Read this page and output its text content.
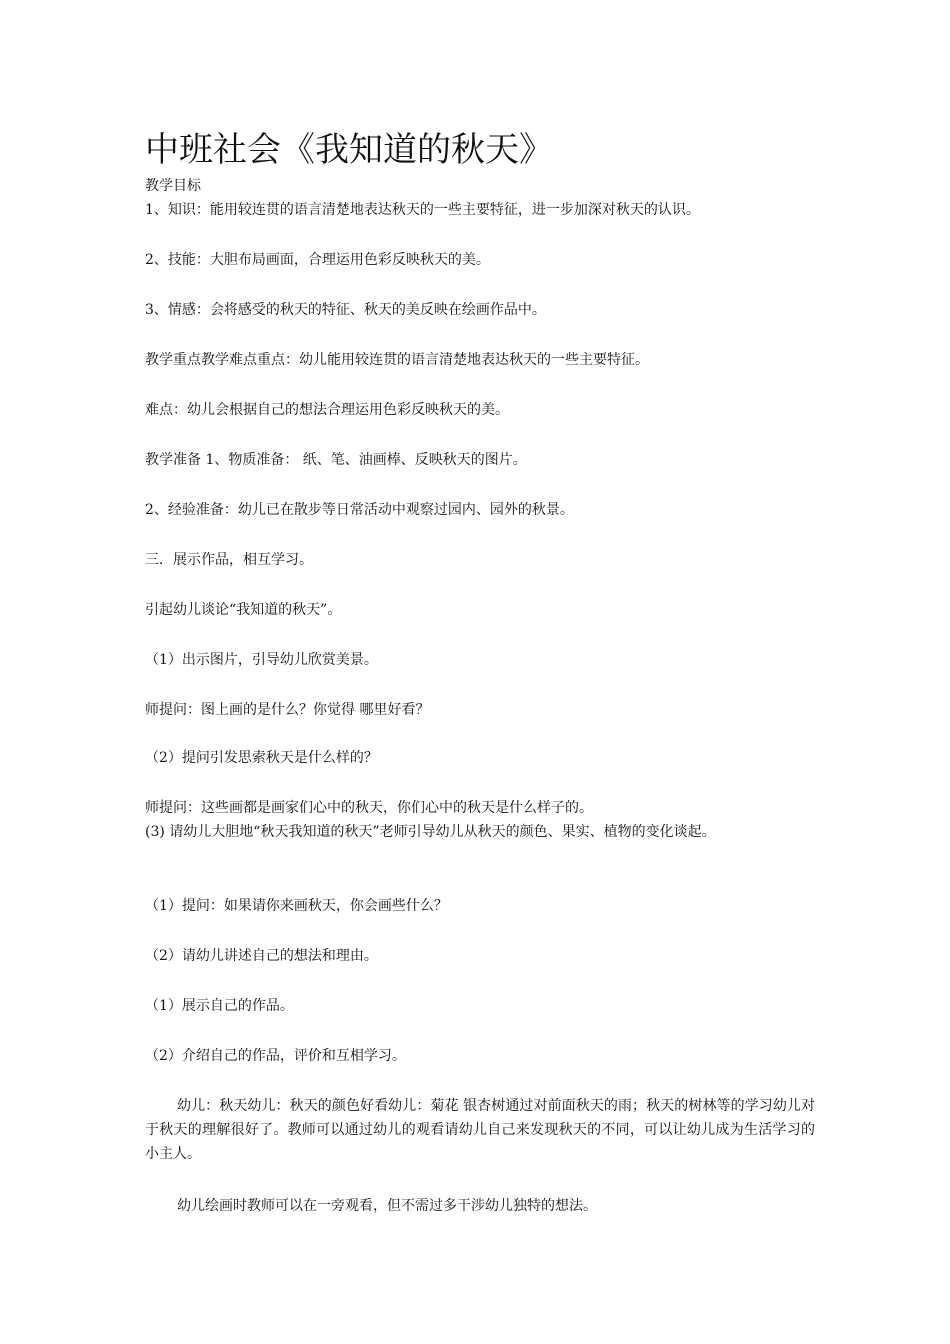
中班社会《我知道的秋天》
教学目标
1、知识：能用较连贯的语言清楚地表达秋天的一些主要特征，进一步加深对秋天的认识。
2、技能：大胆布局画面，合理运用色彩反映秋天的美。
3、情感：会将感受的秋天的特征、秋天的美反映在绘画作品中。
教学重点教学难点重点：幼儿能用较连贯的语言清楚地表达秋天的一些主要特征。
难点：幼儿会根据自己的想法合理运用色彩反映秋天的美。
教学准备 1、物质准备： 纸、笔、油画棒、反映秋天的图片。
2、经验准备：幼儿已在散步等日常活动中观察过园内、园外的秋景。
三．展示作品，相互学习。
引起幼儿谈论“我知道的秋天”。
（1）出示图片，引导幼儿欣赏美景。
师提问：图上画的是什么？你觉得 哪里好看？
（2）提问引发思索秋天是什么样的？
师提问：这些画都是画家们心中的秋天，你们心中的秋天是什么样子的。
(3) 请幼儿大胆地“秋天我知道的秋天”老师引导幼儿从秋天的颜色、果实、植物的变化谈起。
（1）提问：如果请你来画秋天，你会画些什么？
（2）请幼儿讲述自己的想法和理由。
（1）展示自己的作品。
（2）介绍自己的作品，评价和互相学习。
幼儿：秋天幼儿：秋天的颜色好看幼儿：菊花 银杏树通过对前面秋天的雨；秋天的树林等的学习幼儿对于秋天的理解很好了。教师可以通过幼儿的观看请幼儿自己来发现秋天的不同，可以让幼儿成为生活学习的小主人。
幼儿绘画时教师可以在一旁观看，但不需过多干涉幼儿独特的想法。
